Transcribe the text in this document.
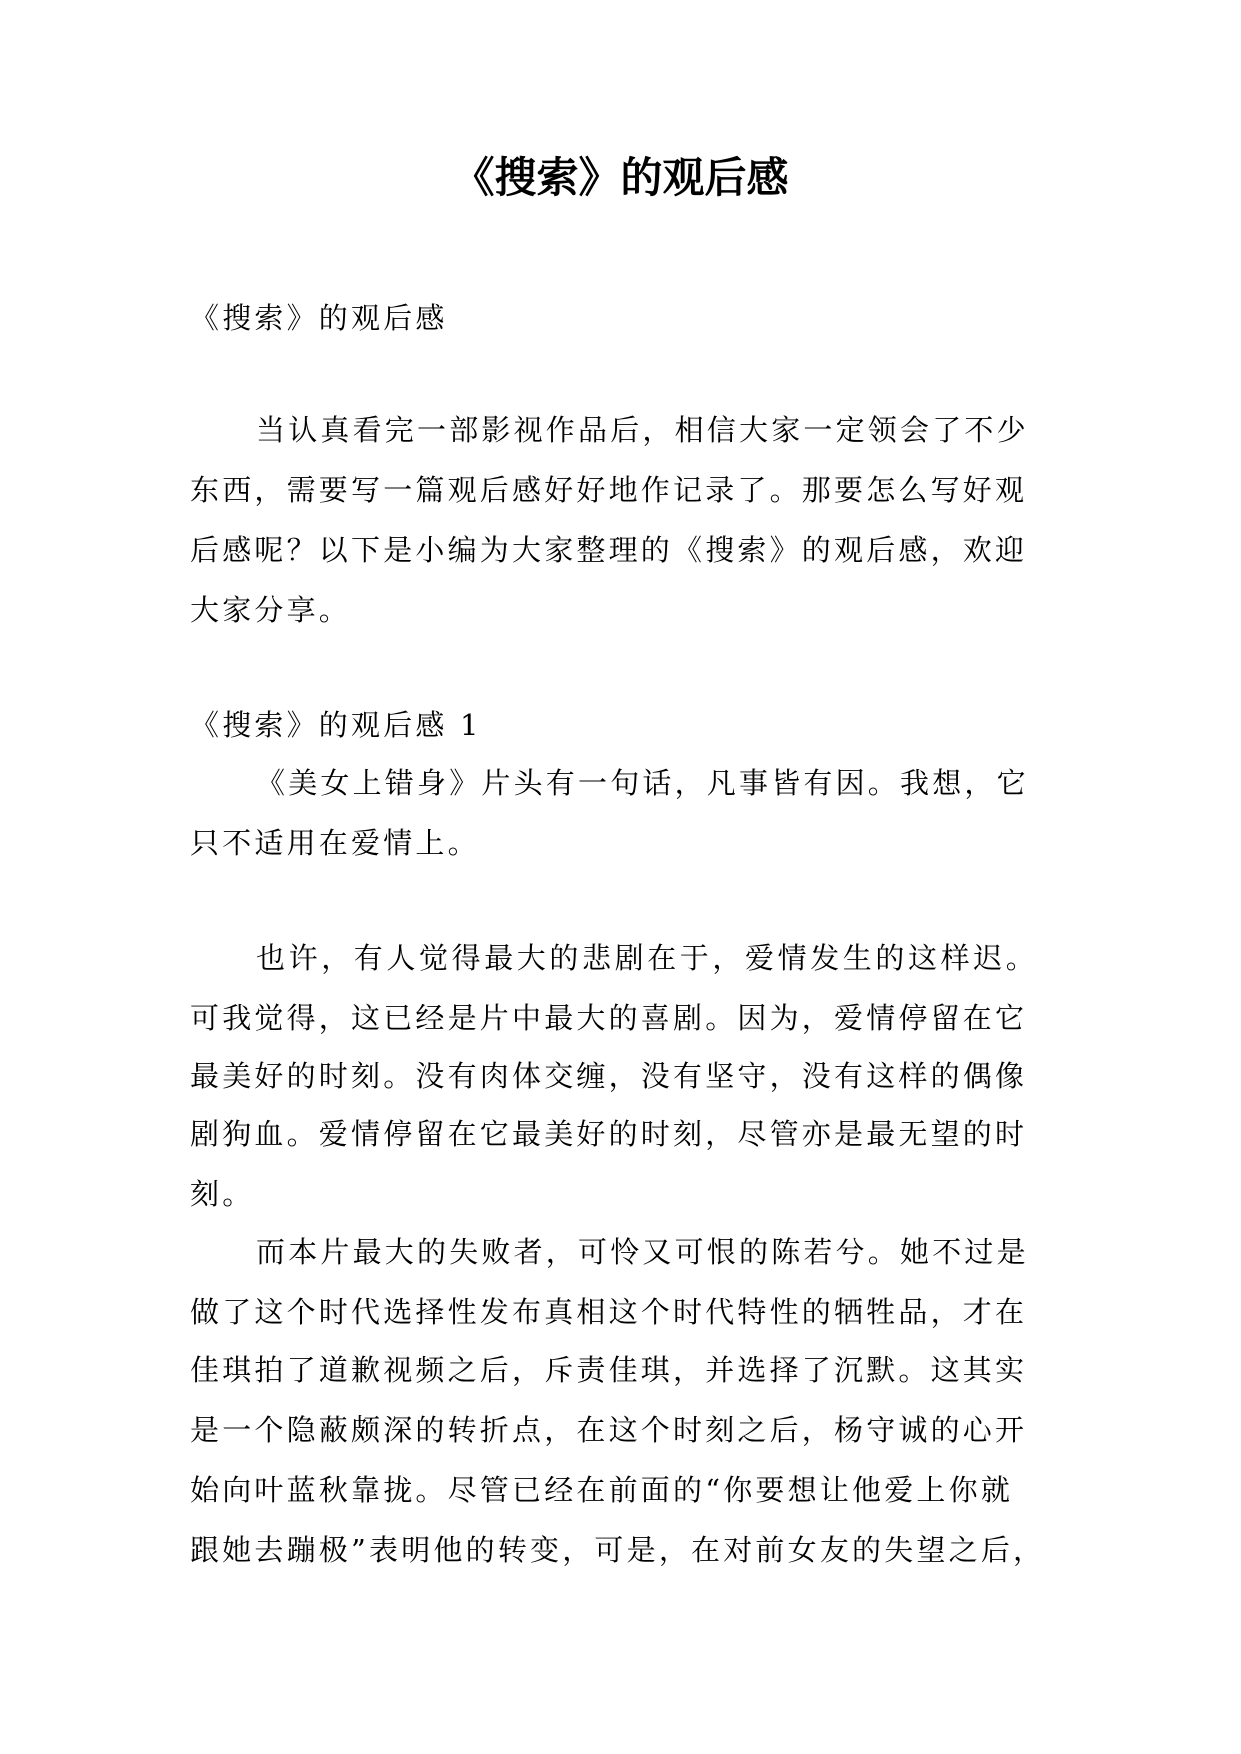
《搜索》的观后感

《搜索》的观后感

当认真看完一部影视作品后，相信大家一定领会了不少

东西，需要写一篇观后感好好地作记录了。那要怎么写好观

后感呢？以下是小编为大家整理的《搜索》的观后感，欢迎

大家分享。

《搜索》的观后感 1

《美女上错身》片头有一句话，凡事皆有因。我想，它

只不适用在爱情上。

也许，有人觉得最大的悲剧在于，爱情发生的这样迟。

可我觉得，这已经是片中最大的喜剧。因为，爱情停留在它

最美好的时刻。没有肉体交缠，没有坚守，没有这样的偶像

剧狗血。爱情停留在它最美好的时刻，尽管亦是最无望的时

刻。

而本片最大的失败者，可怜又可恨的陈若兮。她不过是

做了这个时代选择性发布真相这个时代特性的牺牲品，才在

佳琪拍了道歉视频之后，斥责佳琪，并选择了沉默。这其实

是一个隐蔽颇深的转折点，在这个时刻之后，杨守诚的心开

始向叶蓝秋靠拢。尽管已经在前面的“你要想让他爱上你就

跟她去蹦极”表明他的转变，可是，在对前女友的失望之后，
